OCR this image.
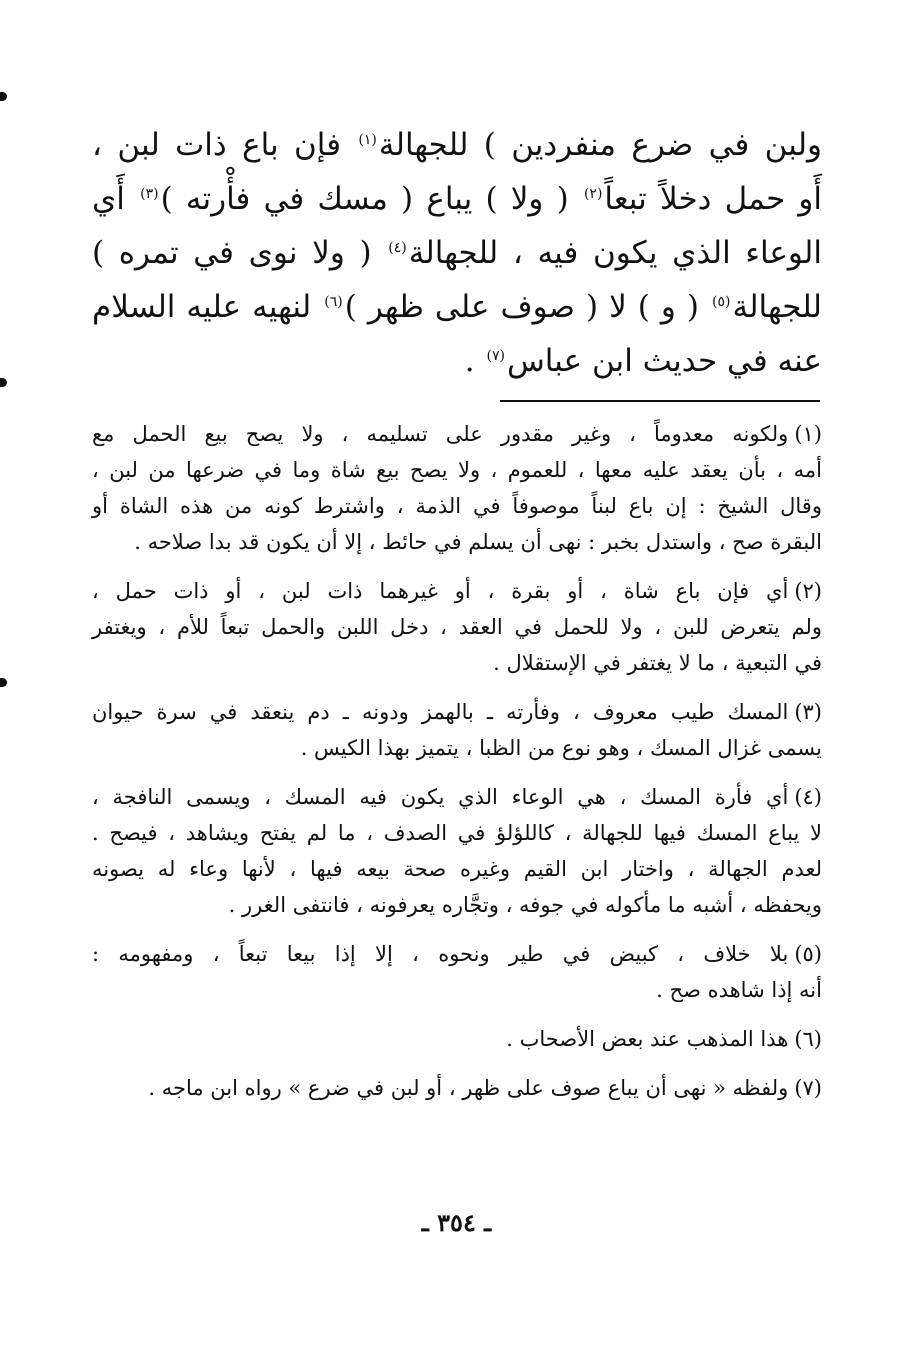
ولبن في ضرع منفردين ) للجهالة$^{(١)}$ فإن باع ذات لبن ،
أَو حمل دخلاً تبعاً$^{(٢)}$ ( ولا ) يباع ( مسك في فأْرته )$^{(٣)}$ أَي
الوعاء الذي يكون فيه ، للجهالة$^{(٤)}$ ( ولا نوى في تمره )
للجهالة$^{(٥)}$ ( و ) لا ( صوف على ظهر )$^{(٦)}$ لنهيه عليه السلام
عنه في حديث ابن عباس$^{(٧)}$ .
(١)ولكونه معدوماً ، وغير مقدور على تسليمه ، ولا يصح بيع الحمل مع
أمه ، بأن يعقد عليه معها ، للعموم ، ولا يصح بيع شاة وما في ضرعها من لبن ،
وقال الشيخ : إن باع لبناً موصوفاً في الذمة ، واشترط كونه من هذه الشاة أو
البقرة صح ، واستدل بخبر : نهى أن يسلم في حائط ، إلا أن يكون قد بدا صلاحه .
(٢)أي فإن باع شاة ، أو بقرة ، أو غيرهما ذات لبن ، أو ذات حمل ،
ولم يتعرض للبن ، ولا للحمل في العقد ، دخل اللبن والحمل تبعاً للأم ، ويغتفر
في التبعية ، ما لا يغتفر في الإستقلال .
(٣)المسك طيب معروف ، وفأرته ـ بالهمز ودونه ـ دم ينعقد في سرة حيوان
يسمى غزال المسك ، وهو نوع من الظبا ، يتميز بهذا الكيس .
(٤)أي فأرة المسك ، هي الوعاء الذي يكون فيه المسك ، ويسمى النافجة ،
لا يباع المسك فيها للجهالة ، كاللؤلؤ في الصدف ، ما لم يفتح ويشاهد ، فيصح .
لعدم الجهالة ، واختار ابن القيم وغيره صحة بيعه فيها ، لأنها وعاء له يصونه
ويحفظه ، أشبه ما مأكوله في جوفه ، وتجَّاره يعرفونه ، فانتفى الغرر .
(٥)بلا خلاف ، كبيض في طير ونحوه ، إلا إذا بيعا تبعاً ، ومفهومه :
أنه إذا شاهده صح .
(٦)هذا المذهب عند بعض الأصحاب .
(٧)ولفظه « نهى أن يباع صوف على ظهر ، أو لبن في ضرع » رواه ابن ماجه .
ـ ٣٥٤ ـ
